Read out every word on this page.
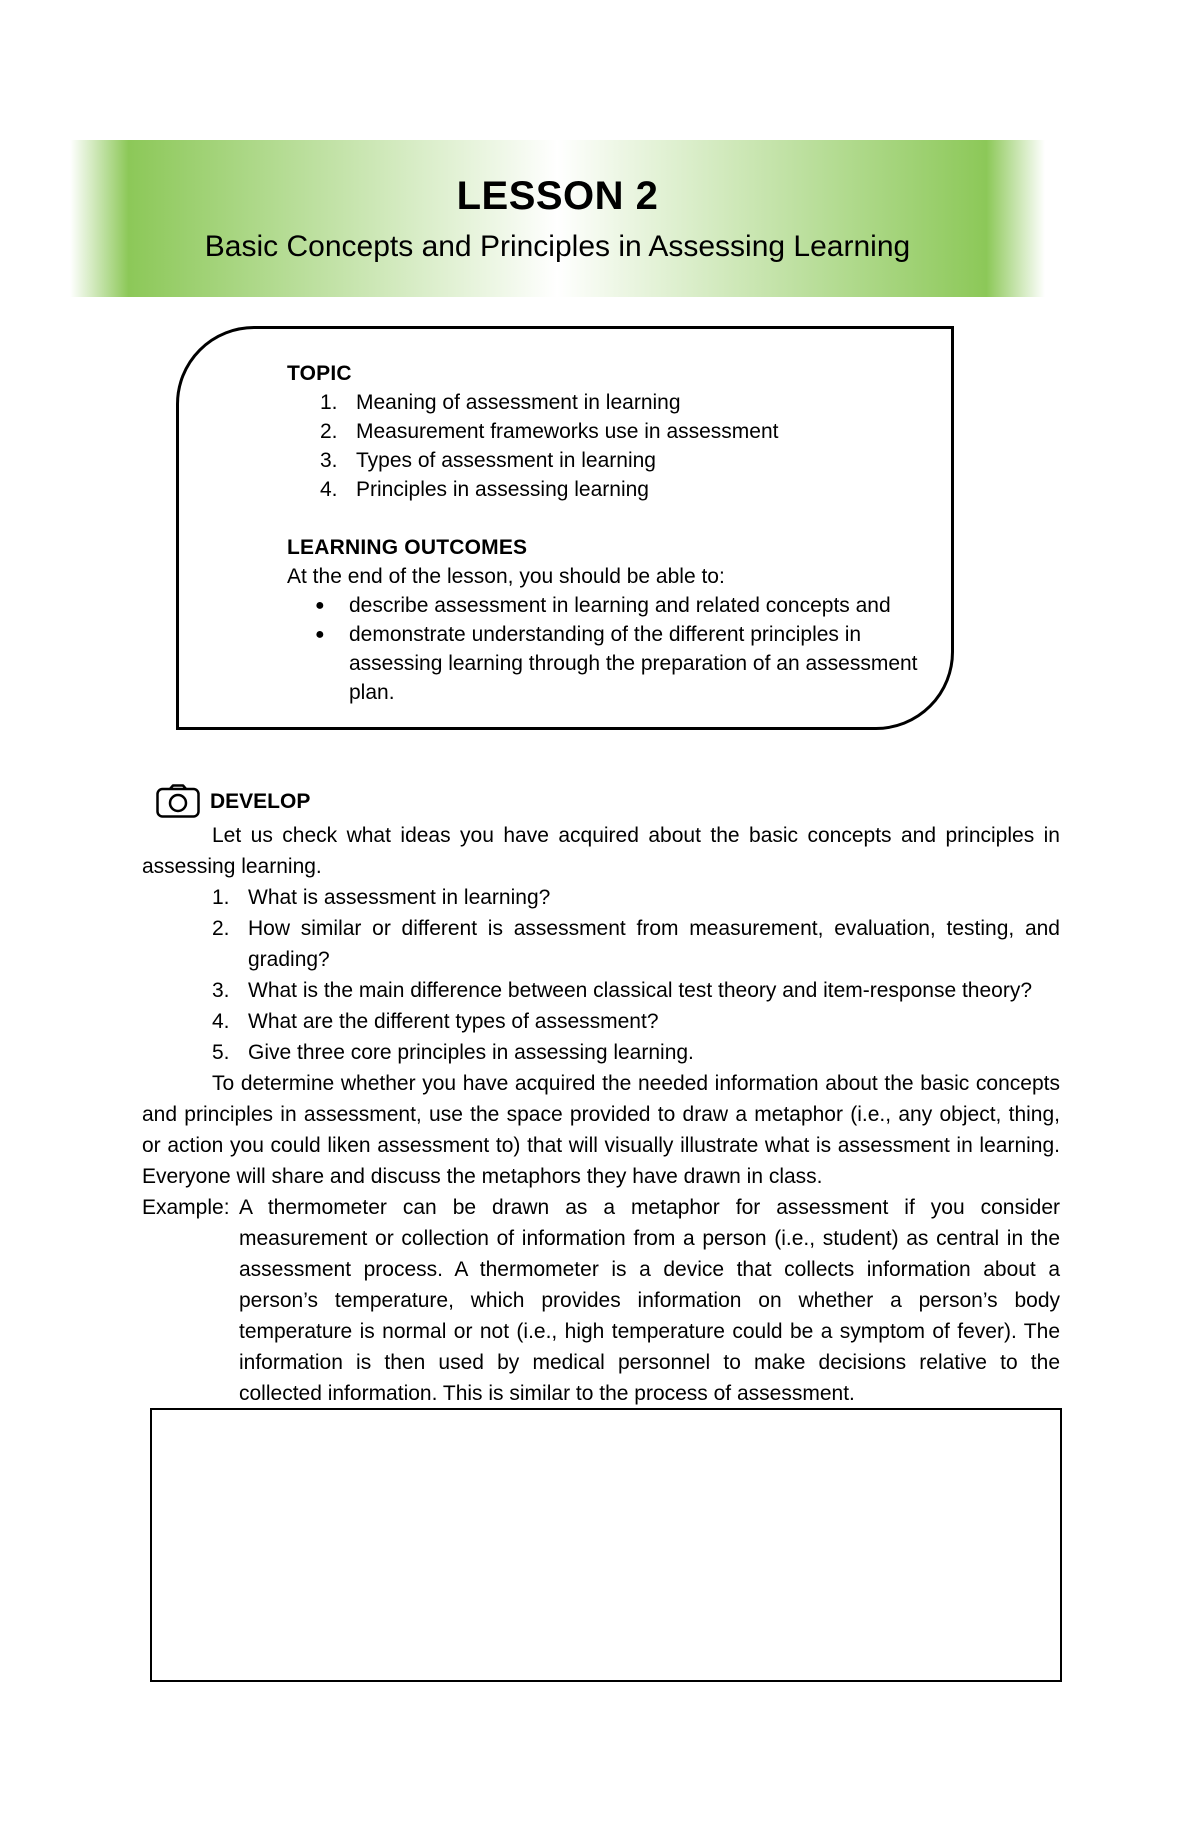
LESSON 2
Basic Concepts and Principles in Assessing Learning
TOPIC
1. Meaning of assessment in learning
2. Measurement frameworks use in assessment
3. Types of assessment in learning
4. Principles in assessing learning
LEARNING OUTCOMES
At the end of the lesson, you should be able to:
●	describe assessment in learning and related concepts and
●	demonstrate understanding of the different principles in assessing learning through the preparation of an assessment plan.
DEVELOP

Let us check what ideas you have acquired about the basic concepts and principles in assessing learning.

1. What is assessment in learning?
2. How similar or different is assessment from measurement, evaluation, testing, and grading?
3. What is the main difference between classical test theory and item-response theory?
4. What are the different types of assessment?
5. Give three core principles in assessing learning.

To determine whether you have acquired the needed information about the basic concepts and principles in assessment, use the space provided to draw a metaphor (i.e., any object, thing, or action you could liken assessment to) that will visually illustrate what is assessment in learning. Everyone will share and discuss the metaphors they have drawn in class.

Example: A thermometer can be drawn as a metaphor for assessment if you consider measurement or collection of information from a person (i.e., student) as central in the assessment process. A thermometer is a device that collects information about a person’s temperature, which provides information on whether a person’s body temperature is normal or not (i.e., high temperature could be a symptom of fever). The information is then used by medical personnel to make decisions relative to the collected information. This is similar to the process of assessment.
